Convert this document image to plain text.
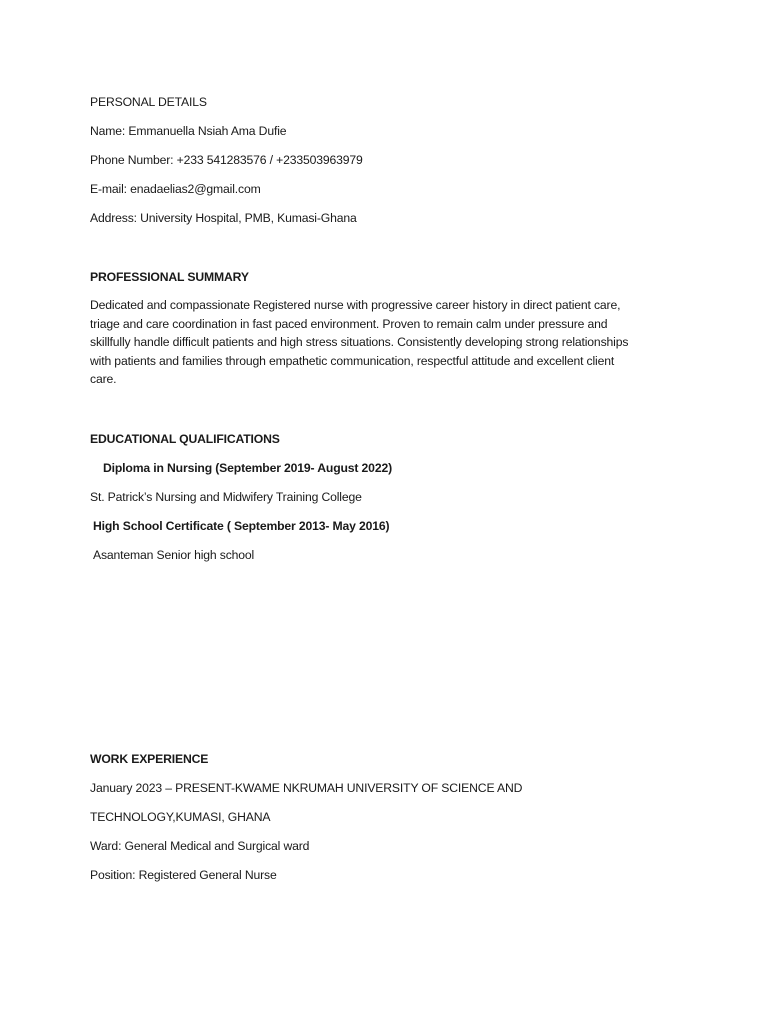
PERSONAL DETAILS
Name: Emmanuella Nsiah Ama Dufie
Phone Number: +233 541283576 / +233503963979
E-mail: enadaelias2@gmail.com
Address: University Hospital, PMB, Kumasi-Ghana
PROFESSIONAL SUMMARY
Dedicated and compassionate Registered nurse with progressive career history in direct patient care,
triage and care coordination in fast paced environment. Proven to remain calm under pressure and
skillfully handle difficult patients and high stress situations. Consistently developing strong relationships
with patients and families through empathetic communication, respectful attitude and excellent client
care.
EDUCATIONAL QUALIFICATIONS
Diploma in Nursing (September 2019- August 2022)
St. Patrick’s Nursing and Midwifery Training College
High School Certificate ( September 2013- May 2016)
Asanteman Senior high school
WORK EXPERIENCE
January 2023 – PRESENT-KWAME NKRUMAH UNIVERSITY OF SCIENCE AND
TECHNOLOGY,KUMASI, GHANA
Ward: General Medical and Surgical ward
Position: Registered General Nurse
